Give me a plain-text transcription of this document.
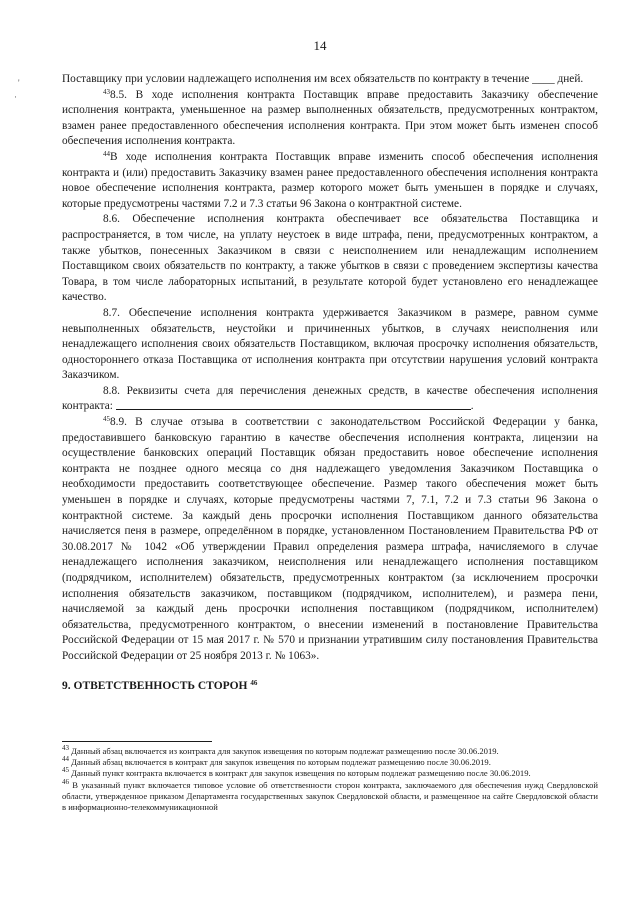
'
·
14

Поставщику при условии надлежащего исполнения им всех обязательств по контракту в течение ____ дней.

$^{43}$8.5. В ходе исполнения контракта Поставщик вправе предоставить Заказчику обеспечение исполнения контракта, уменьшенное на размер выполненных обязательств, предусмотренных контрактом, взамен ранее предоставленного обеспечения исполнения контракта. При этом может быть изменен способ обеспечения исполнения контракта.

$^{44}$В ходе исполнения контракта Поставщик вправе изменить способ обеспечения исполнения контракта и (или) предоставить Заказчику взамен ранее предоставленного обеспечения исполнения контракта новое обеспечение исполнения контракта, размер которого может быть уменьшен в порядке и случаях, которые предусмотрены частями 7.2 и 7.3 статьи 96 Закона о контрактной системе.

8.6. Обеспечение исполнения контракта обеспечивает все обязательства Поставщика и распространяется, в том числе, на уплату неустоек в виде штрафа, пени, предусмотренных контрактом, а также убытков, понесенных Заказчиком в связи с неисполнением или ненадлежащим исполнением Поставщиком своих обязательств по контракту, а также убытков в связи с проведением экспертизы качества Товара, в том числе лабораторных испытаний, в результате которой будет установлено его ненадлежащее качество.

8.7. Обеспечение исполнения контракта удерживается Заказчиком в размере, равном сумме невыполненных обязательств, неустойки и причиненных убытков, в случаях неисполнения или ненадлежащего исполнения своих обязательств Поставщиком, включая просрочку исполнения обязательств, одностороннего отказа Поставщика от исполнения контракта при отсутствии нарушения условий контракта Заказчиком.

8.8. Реквизиты счета для перечисления денежных средств, в качестве обеспечения исполнения контракта:	.

$^{45}$8.9. В случае отзыва в соответствии с законодательством Российской Федерации у банка, предоставившего банковскую гарантию в качестве обеспечения исполнения контракта, лицензии на осуществление банковских операций Поставщик обязан предоставить новое обеспечение исполнения контракта не позднее одного месяца со дня надлежащего уведомления Заказчиком Поставщика о необходимости предоставить соответствующее обеспечение. Размер такого обеспечения может быть уменьшен в порядке и случаях, которые предусмотрены частями 7, 7.1, 7.2 и 7.3 статьи 96 Закона о контрактной системе. За каждый день просрочки исполнения Поставщиком данного обязательства начисляется пеня в размере, определённом в порядке, установленном Постановлением Правительства РФ от 30.08.2017 № 1042 «Об утверждении Правил определения размера штрафа, начисляемого в случае ненадлежащего исполнения заказчиком, неисполнения или ненадлежащего исполнения поставщиком (подрядчиком, исполнителем) обязательств, предусмотренных контрактом (за исключением просрочки исполнения обязательств заказчиком, поставщиком (подрядчиком, исполнителем), и размера пени, начисляемой за каждый день просрочки исполнения поставщиком (подрядчиком, исполнителем) обязательства, предусмотренного контрактом, о внесении изменений в постановление Правительства Российской Федерации от 15 мая 2017 г. № 570 и признании утратившим силу постановления Правительства Российской Федерации от 25 ноября 2013 г. № 1063».

9. ОТВЕТСТВЕННОСТЬ СТОРОН $^{46}$

$^{43}$ Данный абзац включается из контракта для закупок извещения по которым подлежат размещению после 30.06.2019.

$^{44}$ Данный абзац включается в контракт для закупок извещения по которым подлежат размещению после 30.06.2019.

$^{45}$ Данный пункт контракта включается в контракт для закупок извещения по которым подлежат размещению после 30.06.2019.

$^{46}$ В указанный пункт включается типовое условие об ответственности сторон контракта, заключаемого для обеспечения нужд Свердловской области, утвержденное приказом Департамента государственных закупок Свердловской области, и размещенное на сайте Свердловской области в информационно-телекоммуникационной
